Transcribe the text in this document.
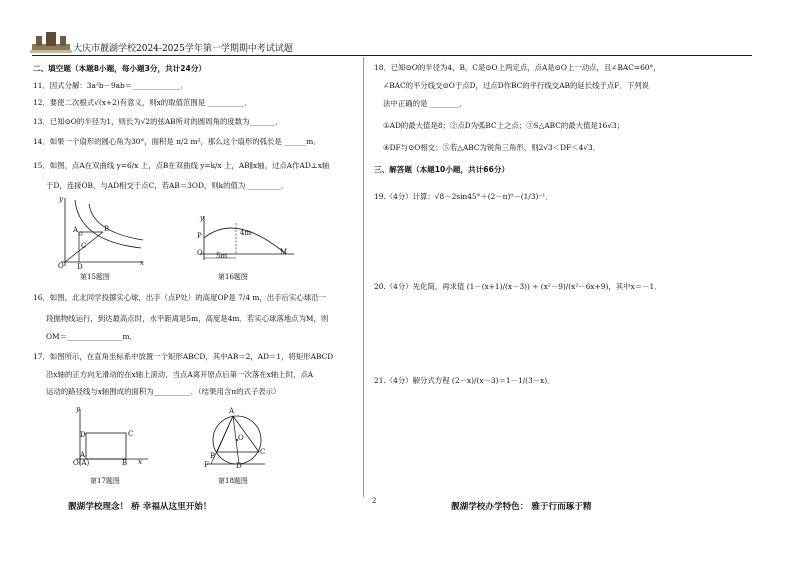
大庆市靓湖学校2024-2025学年第一学期期中考试试题
二、填空题（本题8小题，每小题3分，共计24分）
11．因式分解：3a²b－9ab＝_____________．
12．要使二次根式√(x+2)有意义，则x的取值范围是 __________．
13．已知⊙O的半径为1，则长为√2的弦AB所对的圆周角的度数为_______．
14．如果一个扇形的圆心角为30°，面积是 π/2 m²，那么这个扇形的弧长是 ______m．
15．如图，点A在双曲线 y=6/x 上，点B在双曲线 y=k/x 上，AB∥x轴，过点A作AD⊥x轴
于D，连接OB，与AD相交于点C，若AB＝3OD，则k的值为 _________．
y
A	B
D
C
O	x
第15题图
y
P	4m
O 5m	M
第16题图
16．如图，北北同学投掷实心球，出手（点P处）的高度OP是 7/4 m，出手后实心球沿一
段抛物线运行，到达最高点时，水平距离是5m，高度是4m．若实心球落地点为M，则
OM＝_______________m．
17．如图所示，在直角坐标系中放置一个矩形ABCD，其中AB＝2，AD＝1，将矩形ABCD
沿x轴的正方向无滑动的在x轴上滚动，当点A离开原点后第一次落在x轴上时，点A
运动的路径线与x轴围成的面积为__________．（结果用含π的式子表示）
y
D	C
A
B
O(A)	x
第17题图
A
O
B
D
C
F
第18题图
18．已知⊙O的半径为4，B，C是⊙O上两定点，点A是⊙O上一动点，且∠BAC=60°，
∠BAC的平分线交⊙O于点D，过点D作BC的平行线交AB的延长线于点F．下列说
法中正确的是 ________．
①AD的最大值是8；②点D为弧BC上之点；③S△ABC的最大值是16√3；
④DF与⊙O相交；⑤若△ABC为锐角三角形，则2√3＜DF＜4√3．
三、解答题（本题10小题，共计66分）
19.（4分）计算：√8－2sin45°＋(2－π)⁰－(1/3)⁻¹．
20.（4分）先化简，再求值 (1－(x+1)/(x－3)) ÷ (x²－9)/(x²－6x+9)，其中x＝－1．
21.（4分）解分式方程 (2－x)/(x－3)＝1－1/(3－x)．
2
靓湖学校理念！ 桥 幸福从这里开始！	靓湖学校办学特色： 雅于行而琢于精
